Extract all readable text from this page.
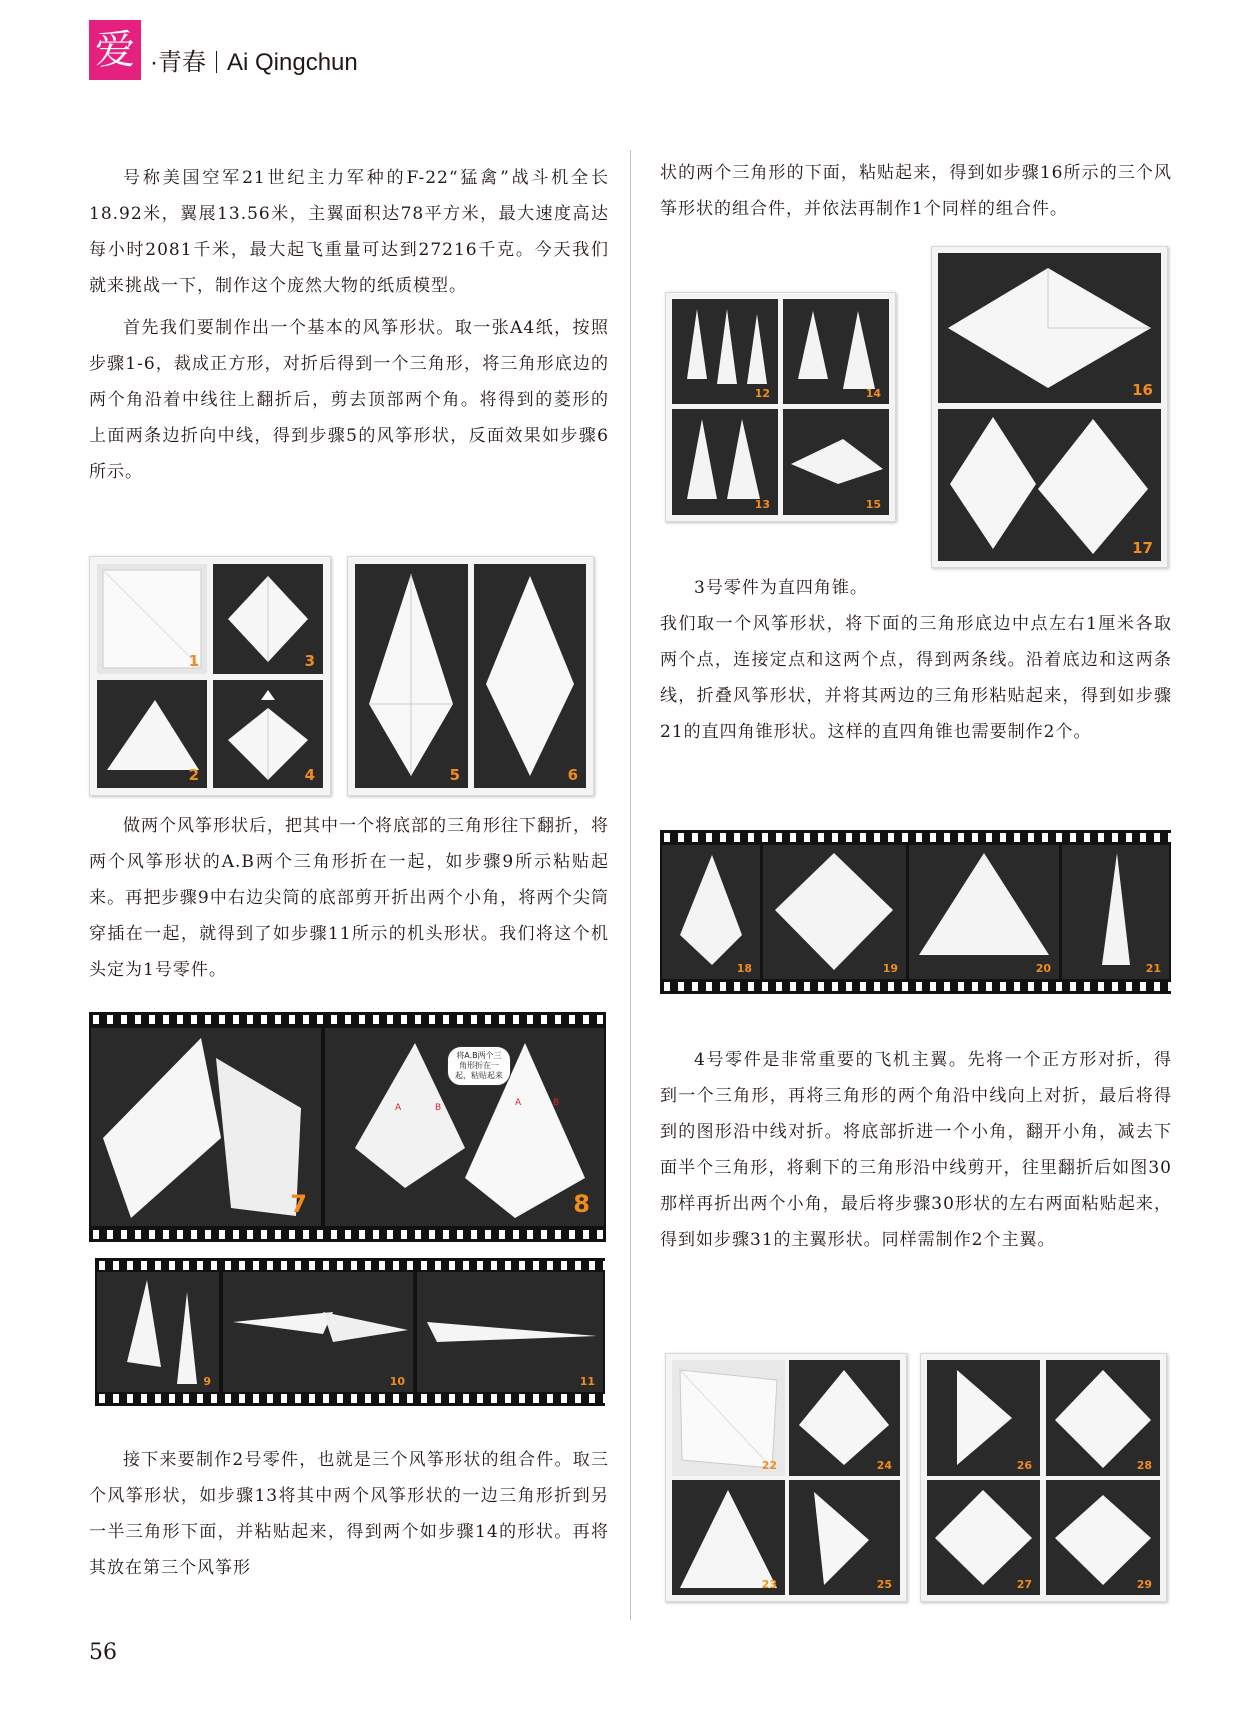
爱 ·青春 Ai Qingchun

号称美国空军21世纪主力军种的F-22“猛禽”战斗机全长18.92米，翼展13.56米，主翼面积达78平方米，最大速度高达每小时2081千米，最大起飞重量可达到27216千克。今天我们就来挑战一下，制作这个庞然大物的纸质模型。

首先我们要制作出一个基本的风筝形状。取一张A4纸，按照步骤1-6，裁成正方形，对折后得到一个三角形，将三角形底边的两个角沿着中线往上翻折后，剪去顶部两个角。将得到的菱形的上面两条边折向中线，得到步骤5的风筝形状，反面效果如步骤6所示。

1	3
2	4	5	6

做两个风筝形状后，把其中一个将底部的三角形往下翻折，将两个风筝形状的A.B两个三角形折在一起，如步骤9所示粘贴起来。再把步骤9中右边尖筒的底部剪开折出两个小角，将两个尖筒穿插在一起，就得到了如步骤11所示的机头形状。我们将这个机头定为1号零件。

7
将A.B两个三角形折在一起，粘贴起来
A	B	A	B
8
9	10	11

接下来要制作2号零件，也就是三个风筝形状的组合件。取三个风筝形状，如步骤13将其中两个风筝形状的一边三角形折到另一半三角形下面，并粘贴起来，得到两个如步骤14的形状。再将其放在第三个风筝形

状的两个三角形的下面，粘贴起来，得到如步骤16所示的三个风筝形状的组合件，并依法再制作1个同样的组合件。

12	14
13	15
16
17

3号零件为直四角锥。

我们取一个风筝形状，将下面的三角形底边中点左右1厘米各取两个点，连接定点和这两个点，得到两条线。沿着底边和这两条线，折叠风筝形状，并将其两边的三角形粘贴起来，得到如步骤21的直四角锥形状。这样的直四角锥也需要制作2个。

18	19	20	21

4号零件是非常重要的飞机主翼。先将一个正方形对折，得到一个三角形，再将三角形的两个角沿中线向上对折，最后将得到的图形沿中线对折。将底部折进一个小角，翻开小角，减去下面半个三角形，将剩下的三角形沿中线剪开，往里翻折后如图30那样再折出两个小角，最后将步骤30形状的左右两面粘贴起来，得到如步骤31的主翼形状。同样需制作2个主翼。

22	24
23	25
26	28
27	29
56
